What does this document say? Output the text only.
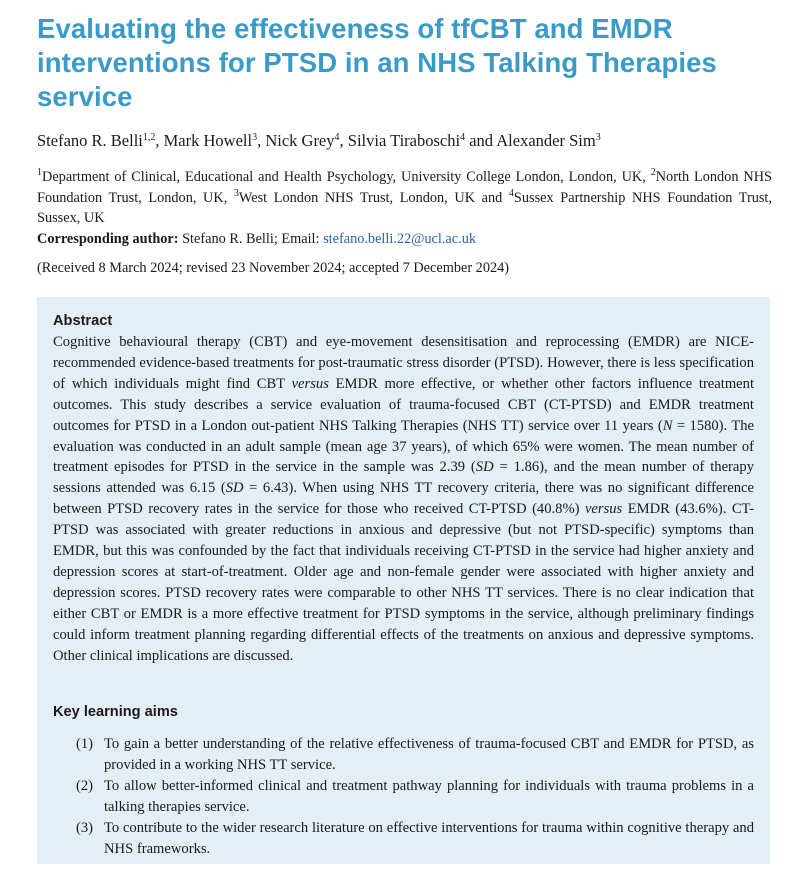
Evaluating the effectiveness of tfCBT and EMDR interventions for PTSD in an NHS Talking Therapies service
Stefano R. Belli$^{1,2}$, Mark Howell$^3$, Nick Grey$^4$, Silvia Tiraboschi$^4$ and Alexander Sim$^3$
$^1$Department of Clinical, Educational and Health Psychology, University College London, London, UK, $^2$North London NHS Foundation Trust, London, UK, $^3$West London NHS Trust, London, UK and $^4$Sussex Partnership NHS Foundation Trust, Sussex, UK
Corresponding author: Stefano R. Belli; Email: stefano.belli.22@ucl.ac.uk
(Received 8 March 2024; revised 23 November 2024; accepted 7 December 2024)
Abstract
Cognitive behavioural therapy (CBT) and eye-movement desensitisation and reprocessing (EMDR) are NICE-recommended evidence-based treatments for post-traumatic stress disorder (PTSD). However, there is less specification of which individuals might find CBT versus EMDR more effective, or whether other factors influence treatment outcomes. This study describes a service evaluation of trauma-focused CBT (CT-PTSD) and EMDR treatment outcomes for PTSD in a London out-patient NHS Talking Therapies (NHS TT) service over 11 years (N = 1580). The evaluation was conducted in an adult sample (mean age 37 years), of which 65% were women. The mean number of treatment episodes for PTSD in the service in the sample was 2.39 (SD = 1.86), and the mean number of therapy sessions attended was 6.15 (SD = 6.43). When using NHS TT recovery criteria, there was no significant difference between PTSD recovery rates in the service for those who received CT-PTSD (40.8%) versus EMDR (43.6%). CT-PTSD was associated with greater reductions in anxious and depressive (but not PTSD-specific) symptoms than EMDR, but this was confounded by the fact that individuals receiving CT-PTSD in the service had higher anxiety and depression scores at start-of-treatment. Older age and non-female gender were associated with higher anxiety and depression scores. PTSD recovery rates were comparable to other NHS TT services. There is no clear indication that either CBT or EMDR is a more effective treatment for PTSD symptoms in the service, although preliminary findings could inform treatment planning regarding differential effects of the treatments on anxious and depressive symptoms. Other clinical implications are discussed.
Key learning aims
(1) To gain a better understanding of the relative effectiveness of trauma-focused CBT and EMDR for PTSD, as provided in a working NHS TT service.
(2) To allow better-informed clinical and treatment pathway planning for individuals with trauma problems in a talking therapies service.
(3) To contribute to the wider research literature on effective interventions for trauma within cognitive therapy and NHS frameworks.
